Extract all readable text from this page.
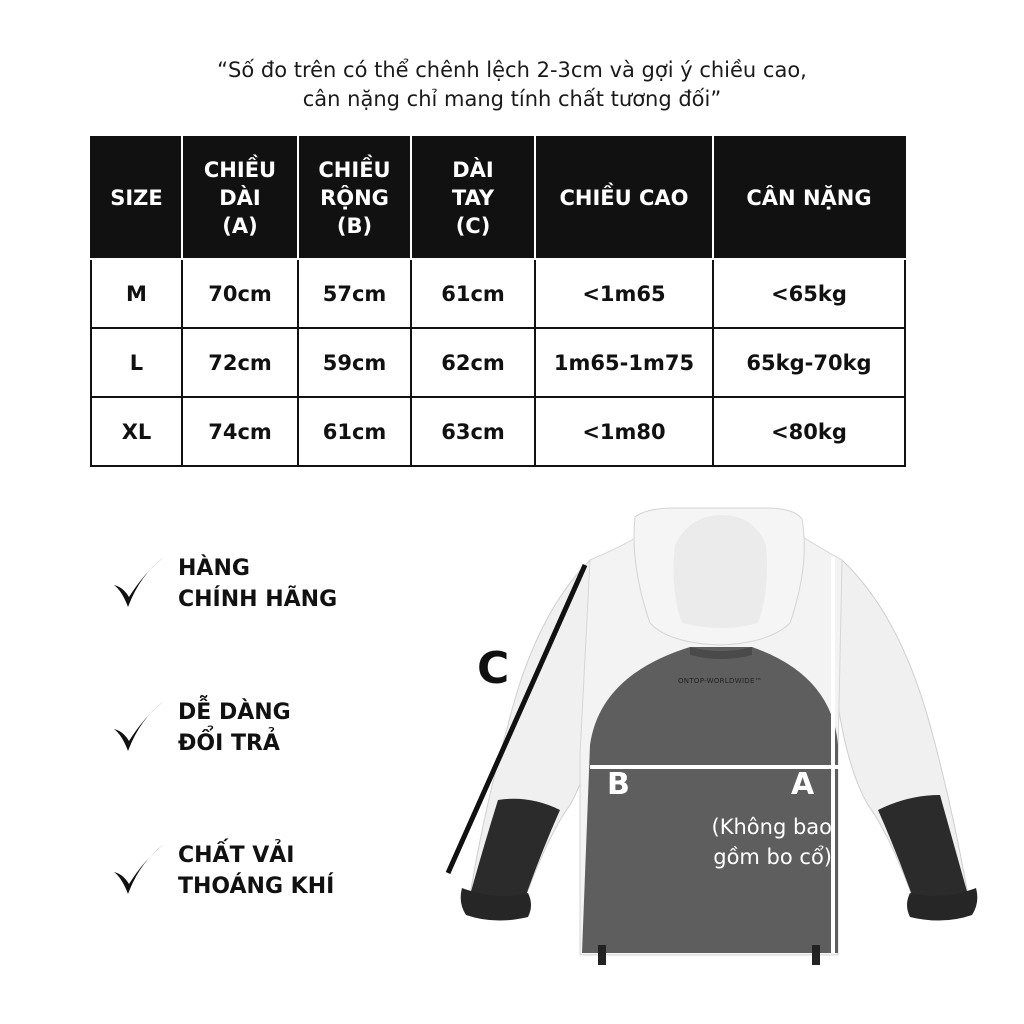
“Số đo trên có thể chênh lệch 2-3cm và gợi ý chiều cao,
cân nặng chỉ mang tính chất tương đối”
SIZE	CHIỀU
DÀI
(A)	CHIỀU
RỘNG
(B)	DÀI
TAY
(C)	CHIỀU CAO	CÂN NẶNG

M	70cm	57cm	61cm	<1m65	<65kg
L	72cm	59cm	62cm	1m65-1m75	65kg-70kg
XL	74cm	61cm	63cm	<1m80	<80kg
HÀNG
CHÍNH HÃNG
DỄ DÀNG
ĐỔI TRẢ
CHẤT VẢI
THOÁNG KHÍ
ONTOP-WORLDWIDE™
C
B	A
(Không bao
gồm bo cổ)
